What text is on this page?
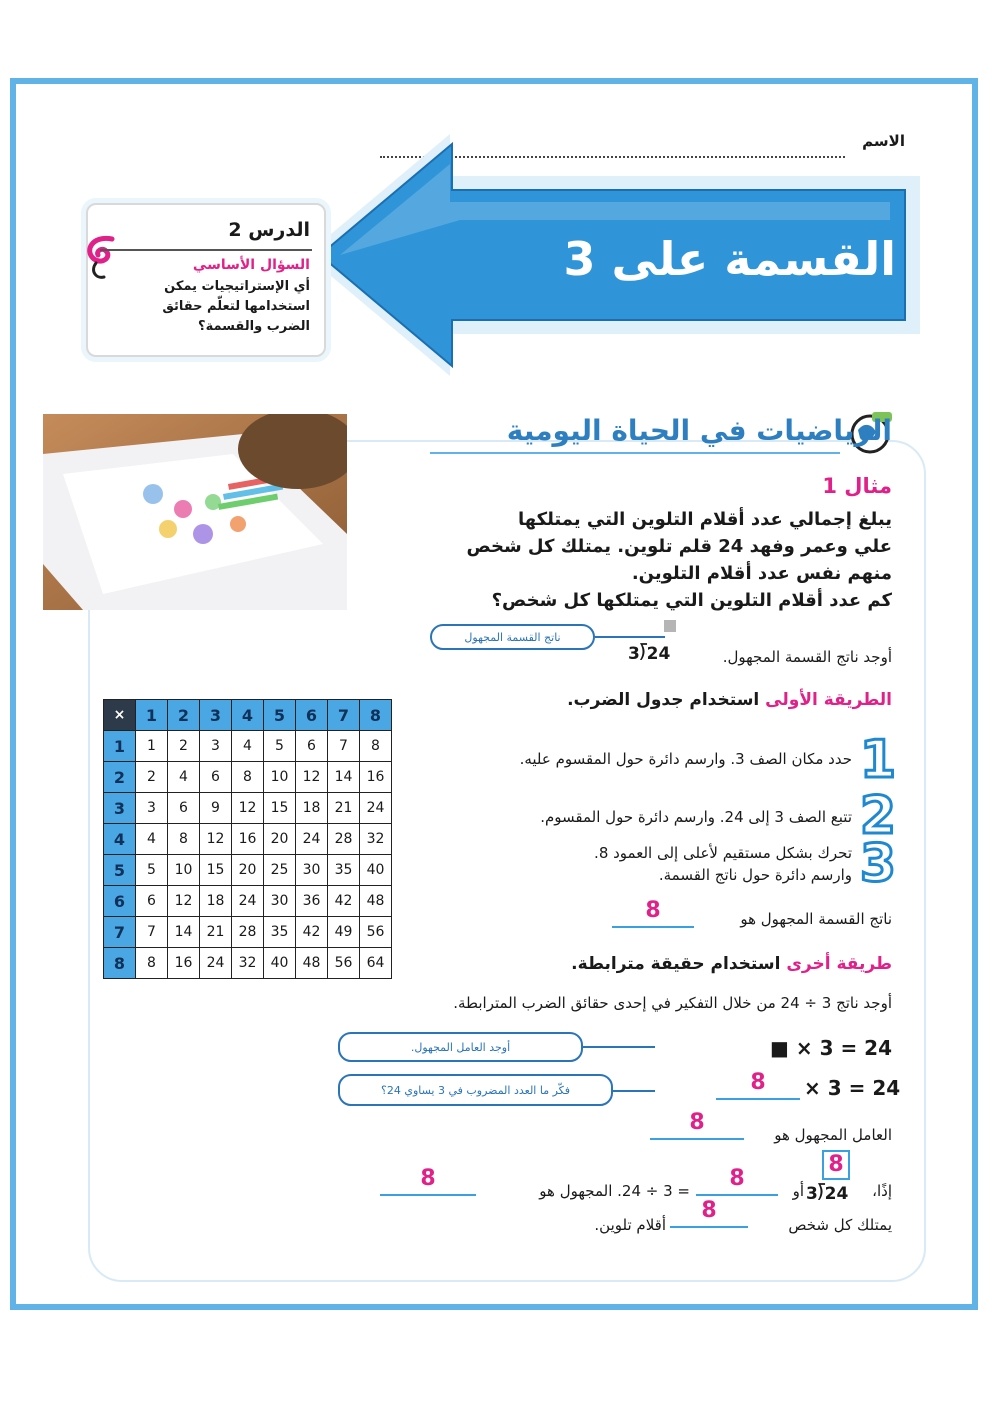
الاسم
القسمة على 3
الدرس 2
السؤال الأساسي
أي الإستراتيجيات يمكن استخدامها لتعلّم حقائق الضرب والقسمة؟
الرياضيات في الحياة اليومية
مثال 1
يبلغ إجمالي عدد أقلام التلوين التي يمتلكها
علي وعمر وفهد 24 قلم تلوين. يمتلك كل شخص
منهم نفس عدد أقلام التلوين.
كم عدد أقلام التلوين التي يمتلكها كل شخص؟
ناتج القسمة المجهول
أوجد ناتج القسمة المجهول.
3⟌24
×	1	2	3	4	5	6	7	8
1	1	2	3	4	5	6	7	8
2	2	4	6	8	10	12	14	16
3	3	6	9	12	15	18	21	24
4	4	8	12	16	20	24	28	32
5	5	10	15	20	25	30	35	40
6	6	12	18	24	30	36	42	48
7	7	14	21	28	35	42	49	56
8	8	16	24	32	40	48	56	64
الطريقة الأولى استخدام جدول الضرب.
1
حدد مكان الصف 3. وارسم دائرة حول المقسوم عليه.
2
تتبع الصف 3 إلى 24. وارسم دائرة حول المقسوم.
3
تحرك بشكل مستقيم لأعلى إلى العمود 8. وارسم دائرة حول ناتج القسمة.
ناتج القسمة المجهول هو
8
طريقة أخرى استخدام حقيقة مترابطة.
أوجد ناتج 3 ÷ 24 من خلال التفكير في إحدى حقائق الضرب المترابطة.
أوجد العامل المجهول.	■ × 3 = 24
فكّر ما العدد المضروب في 3 يساوي 24؟	8	× 3 = 24
العامل المجهول هو
8
إذًا،
8
3⟌24
أو
8
= 3 ÷ 24. المجهول هو
8
يمتلك كل شخص
8
أقلام تلوين.
